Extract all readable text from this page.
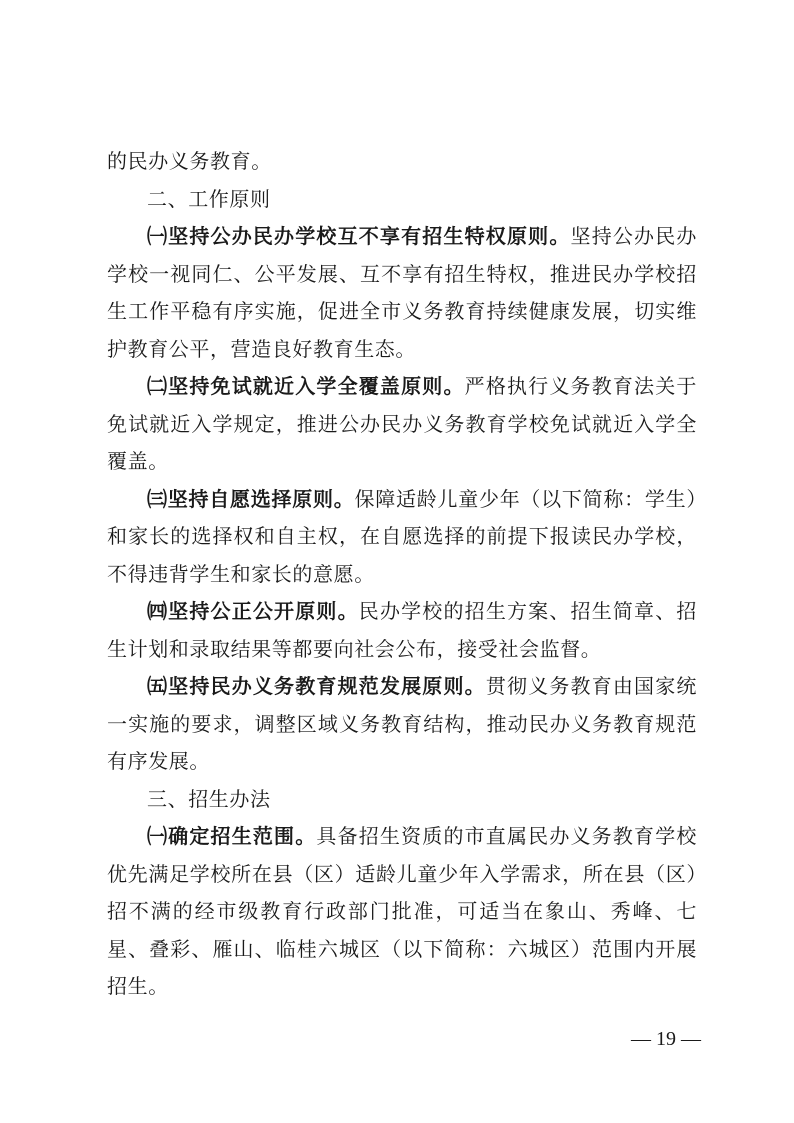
的民办义务教育。

二、工作原则

㈠坚持公办民办学校互不享有招生特权原则。坚持公办民办学校一视同仁、公平发展、互不享有招生特权，推进民办学校招生工作平稳有序实施，促进全市义务教育持续健康发展，切实维护教育公平，营造良好教育生态。

㈡坚持免试就近入学全覆盖原则。严格执行义务教育法关于免试就近入学规定，推进公办民办义务教育学校免试就近入学全覆盖。

㈢坚持自愿选择原则。保障适龄儿童少年（以下简称：学生）和家长的选择权和自主权，在自愿选择的前提下报读民办学校，不得违背学生和家长的意愿。

㈣坚持公正公开原则。民办学校的招生方案、招生简章、招生计划和录取结果等都要向社会公布，接受社会监督。

㈤坚持民办义务教育规范发展原则。贯彻义务教育由国家统一实施的要求，调整区域义务教育结构，推动民办义务教育规范有序发展。

三、招生办法

㈠确定招生范围。具备招生资质的市直属民办义务教育学校优先满足学校所在县（区）适龄儿童少年入学需求，所在县（区）招不满的经市级教育行政部门批准，可适当在象山、秀峰、七星、叠彩、雁山、临桂六城区（以下简称：六城区）范围内开展招生。

— 19 —
